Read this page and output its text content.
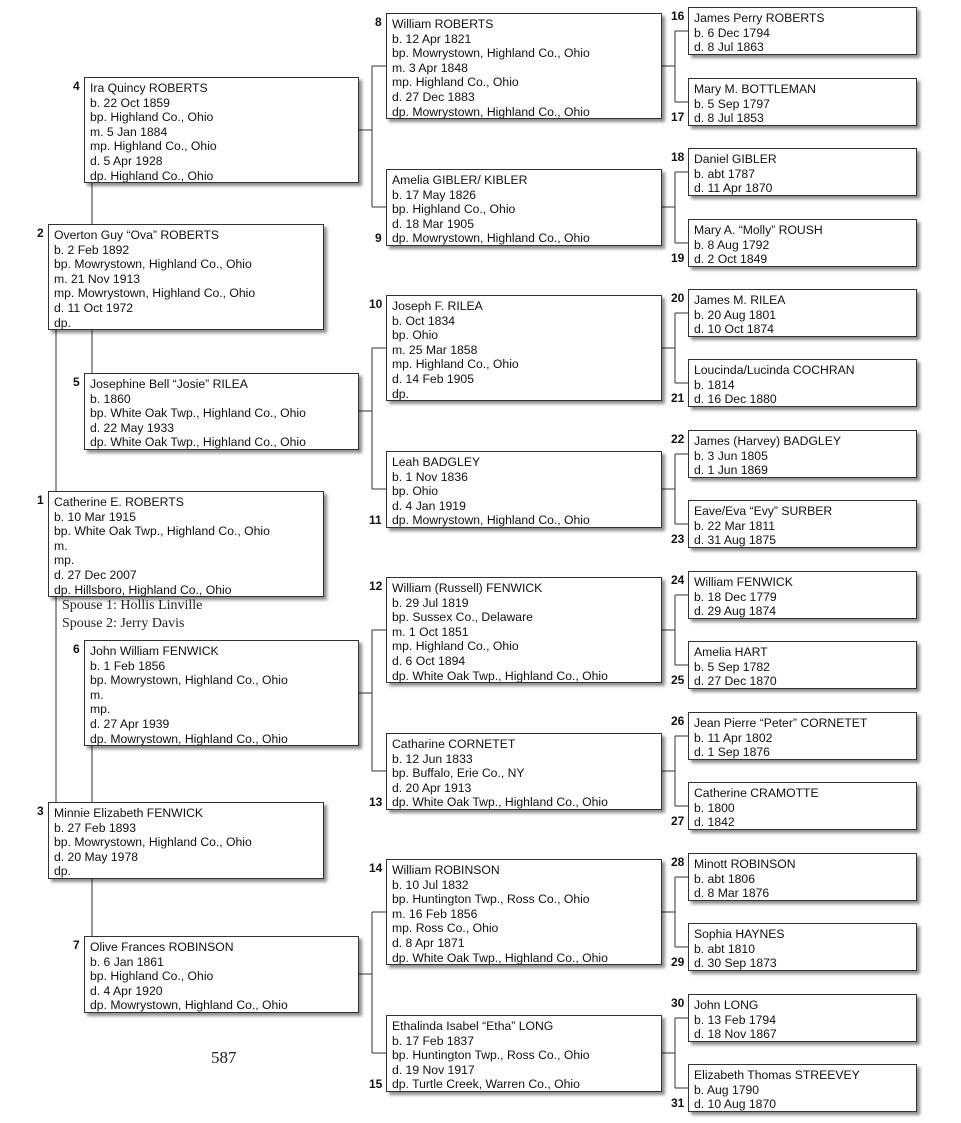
Catherine E. ROBERTS
b. 10 Mar 1915
bp. White Oak Twp., Highland Co., Ohio
m.
mp.
d. 27 Dec 2007
dp. Hillsboro, Highland Co., Ohio
1
Spouse 1: Hollis Linville
Spouse 2: Jerry Davis
Overton Guy “Ova” ROBERTS
b. 2 Feb 1892
bp. Mowrystown, Highland Co., Ohio
m. 21 Nov 1913
mp. Mowrystown, Highland Co., Ohio
d. 11 Oct 1972
dp.
2
Minnie Elizabeth FENWICK
b. 27 Feb 1893
bp. Mowrystown, Highland Co., Ohio
d. 20 May 1978
dp.
3
Ira Quincy ROBERTS
b. 22 Oct 1859
bp. Highland Co., Ohio
m. 5 Jan 1884
mp. Highland Co., Ohio
d. 5 Apr 1928
dp. Highland Co., Ohio
4
Josephine Bell “Josie” RILEA
b. 1860
bp. White Oak Twp., Highland Co., Ohio
d. 22 May 1933
dp. White Oak Twp., Highland Co., Ohio
5
John William FENWICK
b. 1 Feb 1856
bp. Mowrystown, Highland Co., Ohio
m.
mp.
d. 27 Apr 1939
dp. Mowrystown, Highland Co., Ohio
6
Olive Frances ROBINSON
b. 6 Jan 1861
bp. Highland Co., Ohio
d. 4 Apr 1920
dp. Mowrystown, Highland Co., Ohio
7
William ROBERTS
b. 12 Apr 1821
bp. Mowrystown, Highland Co., Ohio
m. 3 Apr 1848
mp. Highland Co., Ohio
d. 27 Dec 1883
dp. Mowrystown, Highland Co., Ohio
8
Amelia GIBLER/ KIBLER
b. 17 May 1826
bp. Highland Co., Ohio
d. 18 Mar 1905
dp. Mowrystown, Highland Co., Ohio
9
Joseph F. RILEA
b. Oct 1834
bp. Ohio
m. 25 Mar 1858
mp. Highland Co., Ohio
d. 14 Feb 1905
dp.
10
Leah BADGLEY
b. 1 Nov 1836
bp. Ohio
d. 4 Jan 1919
dp. Mowrystown, Highland Co., Ohio
11
William (Russell) FENWICK
b. 29 Jul 1819
bp. Sussex Co., Delaware
m. 1 Oct 1851
mp. Highland Co., Ohio
d. 6 Oct 1894
dp. White Oak Twp., Highland Co., Ohio
12
Catharine CORNETET
b. 12 Jun 1833
bp. Buffalo, Erie Co., NY
d. 20 Apr 1913
dp. White Oak Twp., Highland Co., Ohio
13
William ROBINSON
b. 10 Jul 1832
bp. Huntington Twp., Ross Co., Ohio
m. 16 Feb 1856
mp. Ross Co., Ohio
d. 8 Apr 1871
dp. White Oak Twp., Highland Co., Ohio
14
Ethalinda Isabel “Etha” LONG
b. 17 Feb 1837
bp. Huntington Twp., Ross Co., Ohio
d. 19 Nov 1917
dp. Turtle Creek, Warren Co., Ohio
15
James Perry ROBERTS
b. 6 Dec 1794
d. 8 Jul 1863
16
Mary M. BOTTLEMAN
b. 5 Sep 1797
d. 8 Jul 1853
17
Daniel GIBLER
b. abt 1787
d. 11 Apr 1870
18
Mary A. “Molly” ROUSH
b. 8 Aug 1792
d. 2 Oct 1849
19
James M. RILEA
b. 20 Aug 1801
d. 10 Oct 1874
20
Loucinda/Lucinda COCHRAN
b. 1814
d. 16 Dec 1880
21
James (Harvey) BADGLEY
b. 3 Jun 1805
d. 1 Jun 1869
22
Eave/Eva “Evy” SURBER
b. 22 Mar 1811
d. 31 Aug 1875
23
William FENWICK
b. 18 Dec 1779
d. 29 Aug 1874
24
Amelia HART
b. 5 Sep 1782
d. 27 Dec 1870
25
Jean Pierre “Peter” CORNETET
b. 11 Apr 1802
d. 1 Sep 1876
26
Catherine CRAMOTTE
b. 1800
d. 1842
27
Minott ROBINSON
b. abt 1806
d. 8 Mar 1876
28
Sophia HAYNES
b. abt 1810
d. 30 Sep 1873
29
John LONG
b. 13 Feb 1794
d. 18 Nov 1867
30
Elizabeth Thomas STREEVEY
b. Aug 1790
d. 10 Aug 1870
31
587
